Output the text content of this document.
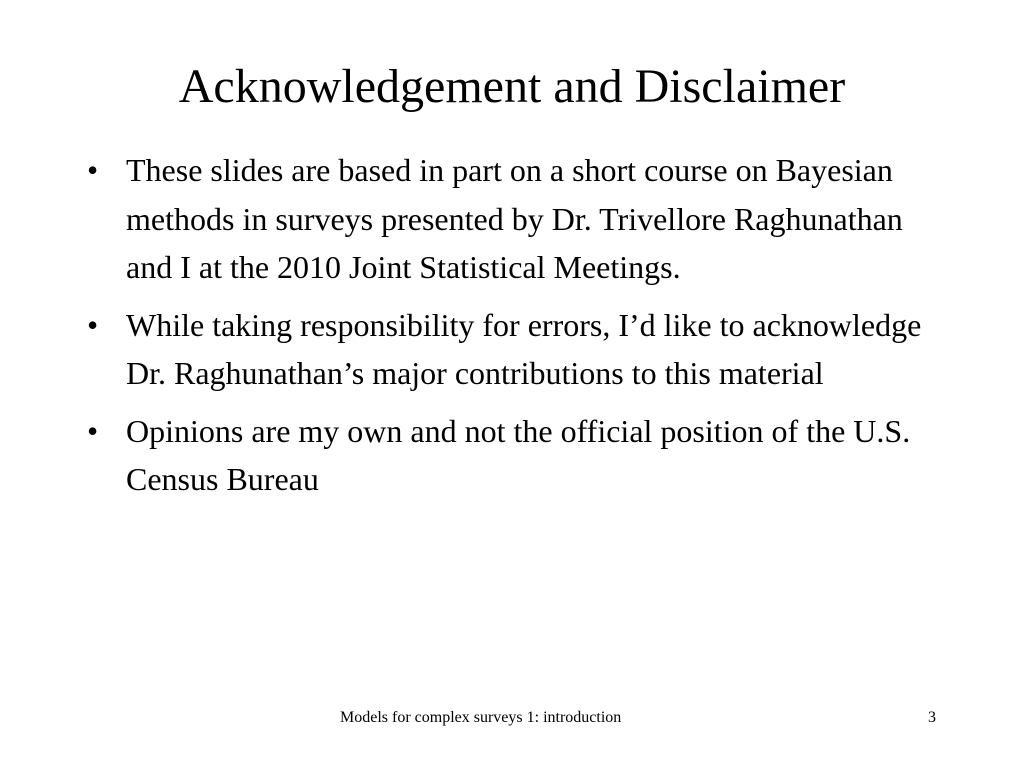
Acknowledgement and Disclaimer
• These slides are based in part on a short course on Bayesian methods in surveys presented by Dr. Trivellore Raghunathan and I at the 2010 Joint Statistical Meetings.
• While taking responsibility for errors, I’d like to acknowledge Dr. Raghunathan’s major contributions to this material
• Opinions are my own and not the official position of the U.S. Census Bureau
Models for complex surveys 1: introduction	3
